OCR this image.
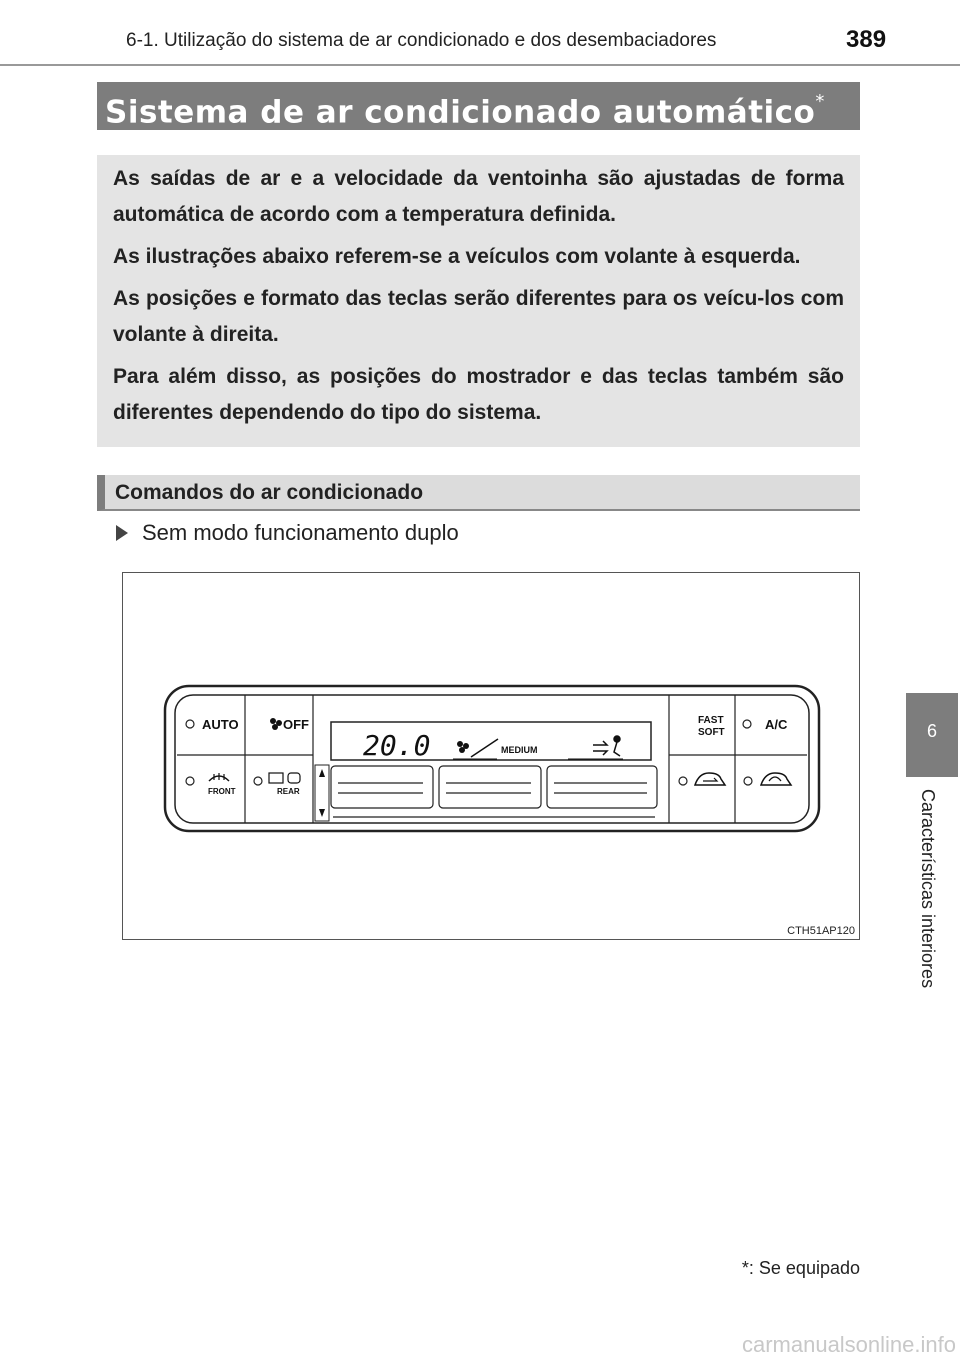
6-1. Utilização do sistema de ar condicionado e dos desembaciadores	389
Sistema de ar condicionado automático*

As saídas de ar e a velocidade da ventoinha são ajustadas de forma automática de acordo com a temperatura definida.

As ilustrações abaixo referem-se a veículos com volante à esquerda.

As posições e formato das teclas serão diferentes para os veícu-los com volante à direita.

Para além disso, as posições do mostrador e das teclas também são diferentes dependendo do tipo do sistema.

Comandos do ar condicionado
Sem modo funcionamento duplo
AUTO	OFF
FRONT	REAR
20.0	MEDIUM
FAST
SOFT
A/C
CTH51AP120
*: Se equipado
6
Características interiores
carmanualsonline.info
